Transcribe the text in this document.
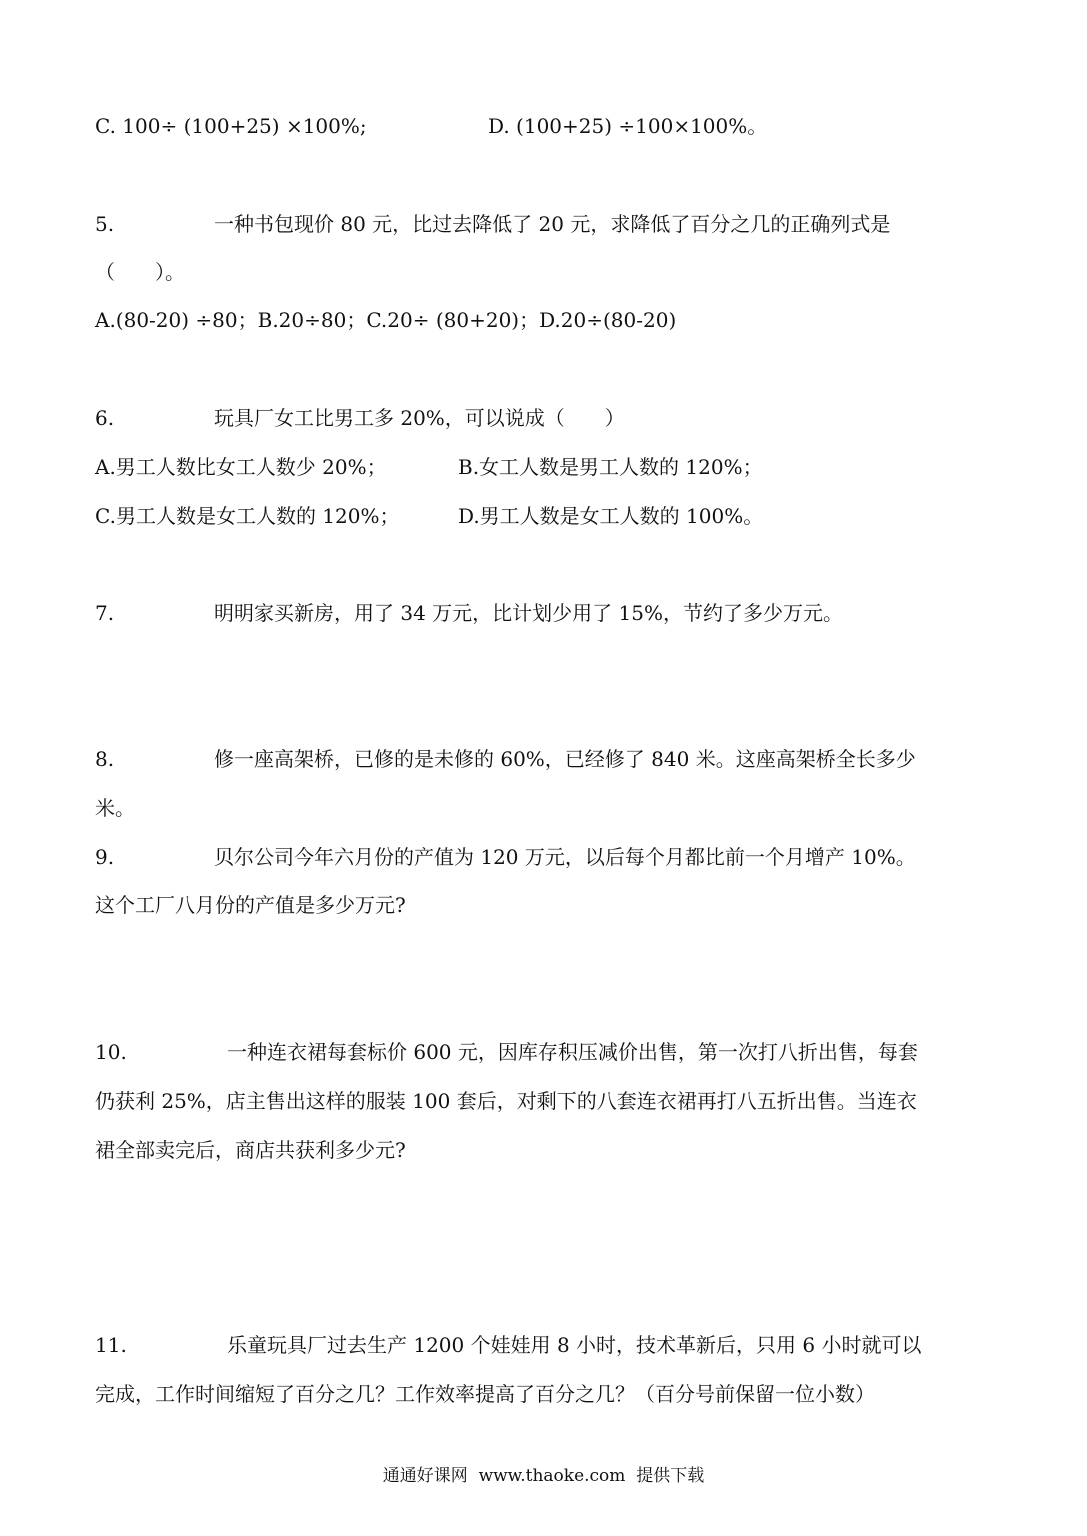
C. 100÷ (100+25) ×100%;	D. (100+25) ÷100×100%。
5.	一种书包现价 80 元，比过去降低了 20 元，求降低了百分之几的正确列式是
（　　）。
A.(80-20) ÷80；B.20÷80；C.20÷ (80+20)；D.20÷(80-20)
6.	玩具厂女工比男工多 20%，可以说成（　　）
A.男工人数比女工人数少 20%；	B.女工人数是男工人数的 120%；
C.男工人数是女工人数的 120%；	D.男工人数是女工人数的 100%。
7.	明明家买新房，用了 34 万元，比计划少用了 15%，节约了多少万元。
8.	修一座高架桥，已修的是未修的 60%，已经修了 840 米。这座高架桥全长多少
米。
9.	贝尔公司今年六月份的产值为 120 万元，以后每个月都比前一个月增产 10%。
这个工厂八月份的产值是多少万元?
10.	一种连衣裙每套标价 600 元，因库存积压减价出售，第一次打八折出售，每套
仍获利 25%，店主售出这样的服装 100 套后，对剩下的八套连衣裙再打八五折出售。当连衣
裙全部卖完后，商店共获利多少元?
11.	乐童玩具厂过去生产 1200 个娃娃用 8 小时，技术革新后，只用 6 小时就可以
完成，工作时间缩短了百分之几？工作效率提高了百分之几？（百分号前保留一位小数）
通通好课网  www.thaoke.com  提供下载
